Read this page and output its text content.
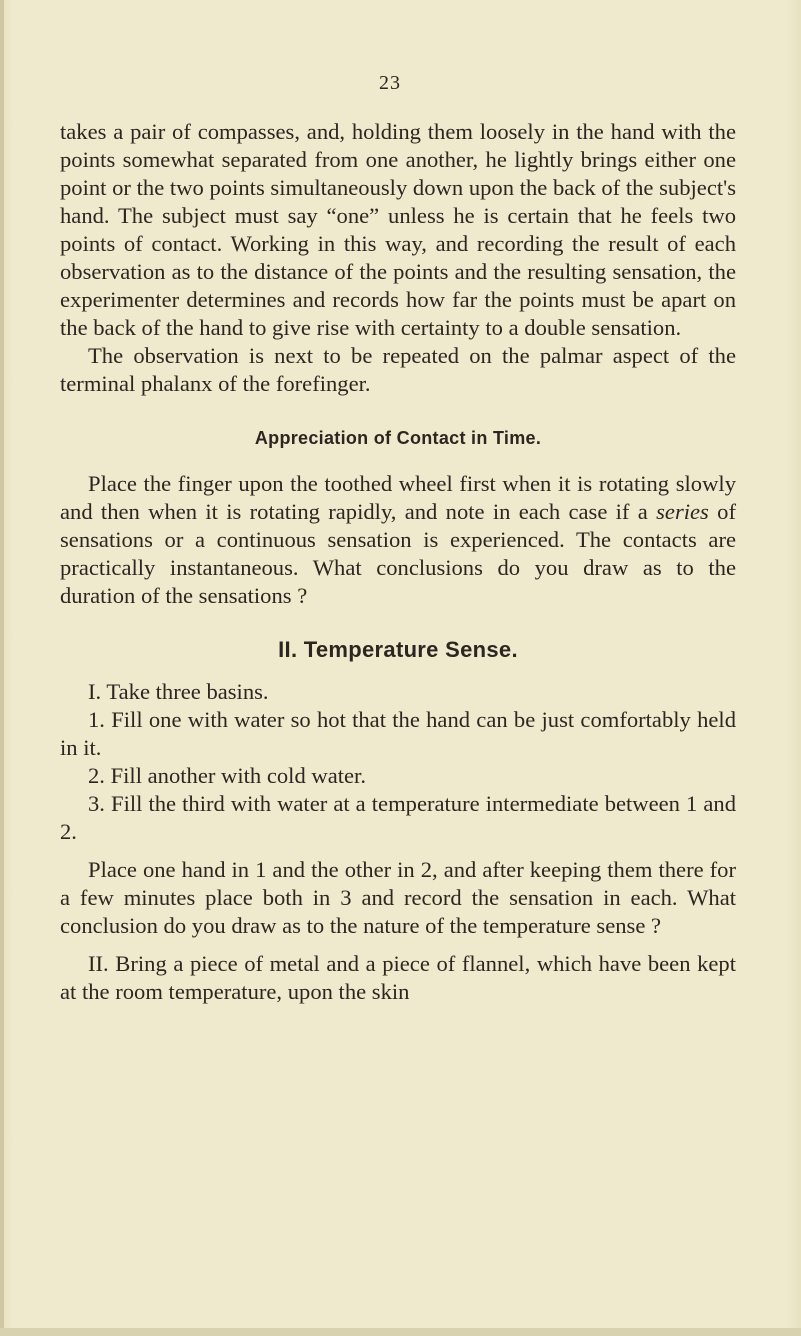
23

takes a pair of compasses, and, holding them loosely in the hand with the points somewhat separated from one another, he lightly brings either one point or the two points simultaneously down upon the back of the subject's hand. The subject must say “one” unless he is certain that he feels two points of contact. Working in this way, and recording the result of each observation as to the distance of the points and the resulting sensation, the experimenter determines and records how far the points must be apart on the back of the hand to give rise with certainty to a double sensation.

The observation is next to be repeated on the palmar aspect of the terminal phalanx of the forefinger.

Appreciation of Contact in Time.

Place the finger upon the toothed wheel first when it is rotating slowly and then when it is rotating rapidly, and note in each case if a series of sensations or a continuous sensation is experienced. The contacts are practically instantaneous. What conclusions do you draw as to the duration of the sensations ?

II. Temperature Sense.

I. Take three basins.

1. Fill one with water so hot that the hand can be just comfortably held in it.

2. Fill another with cold water.

3. Fill the third with water at a temperature intermediate between 1 and 2.

Place one hand in 1 and the other in 2, and after keeping them there for a few minutes place both in 3 and record the sensation in each. What conclusion do you draw as to the nature of the temperature sense ?

II. Bring a piece of metal and a piece of flannel, which have been kept at the room temperature, upon the skin
